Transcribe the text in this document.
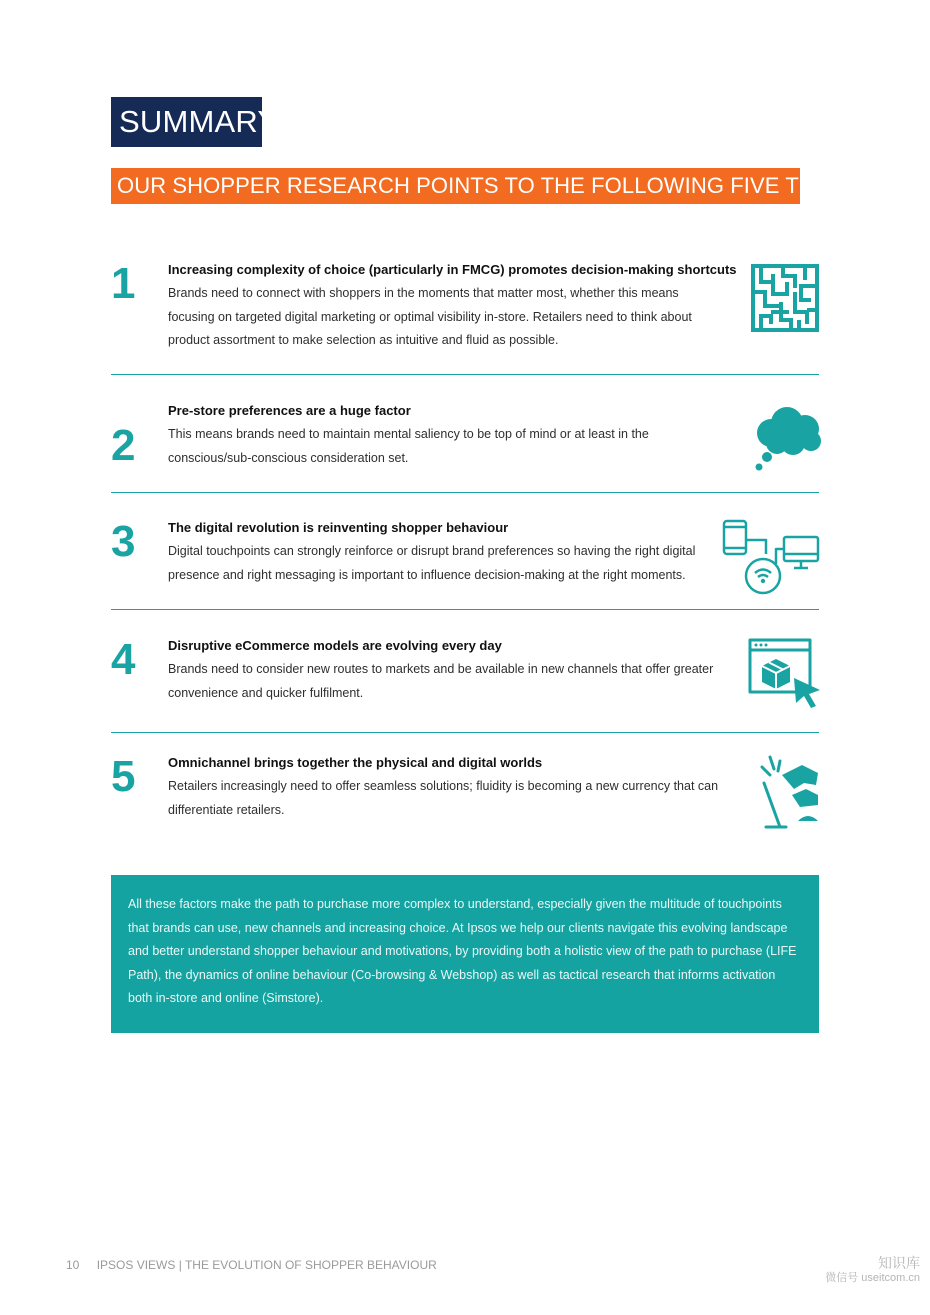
SUMMARY
OUR SHOPPER RESEARCH POINTS TO THE FOLLOWING FIVE TRENDS:
1	Increasing complexity of choice (particularly in FMCG) promotes decision-making shortcuts
Brands need to connect with shoppers in the moments that matter most, whether this means focusing on targeted digital marketing or optimal visibility in-store. Retailers need to think about product assortment to make selection as intuitive and fluid as possible.
2
Pre-store preferences are a huge factor
This means brands need to maintain mental saliency to be top of mind or at least in the conscious/sub-conscious consideration set.
3	The digital revolution is reinventing shopper behaviour
Digital touchpoints can strongly reinforce or disrupt brand preferences so having the right digital presence and right messaging is important to influence decision-making at the right moments.
4	Disruptive eCommerce models are evolving every day
Brands need to consider new routes to markets and be available in new channels that offer greater convenience and quicker fulfilment.
5	Omnichannel brings together the physical and digital worlds
Retailers increasingly need to offer seamless solutions; fluidity is becoming a new currency that can differentiate retailers.
All these factors make the path to purchase more complex to understand, especially given the multitude of touchpoints that brands can use, new channels and increasing choice. At Ipsos we help our clients navigate this evolving landscape and better understand shopper behaviour and motivations, by providing both a holistic view of the path to purchase (LIFE Path), the dynamics of online behaviour (Co-browsing & Webshop) as well as tactical research that informs activation both in-store and online (Simstore).
10 IPSOS VIEWS | THE EVOLUTION OF SHOPPER BEHAVIOUR	知识库
微信号 useitcom.cn
